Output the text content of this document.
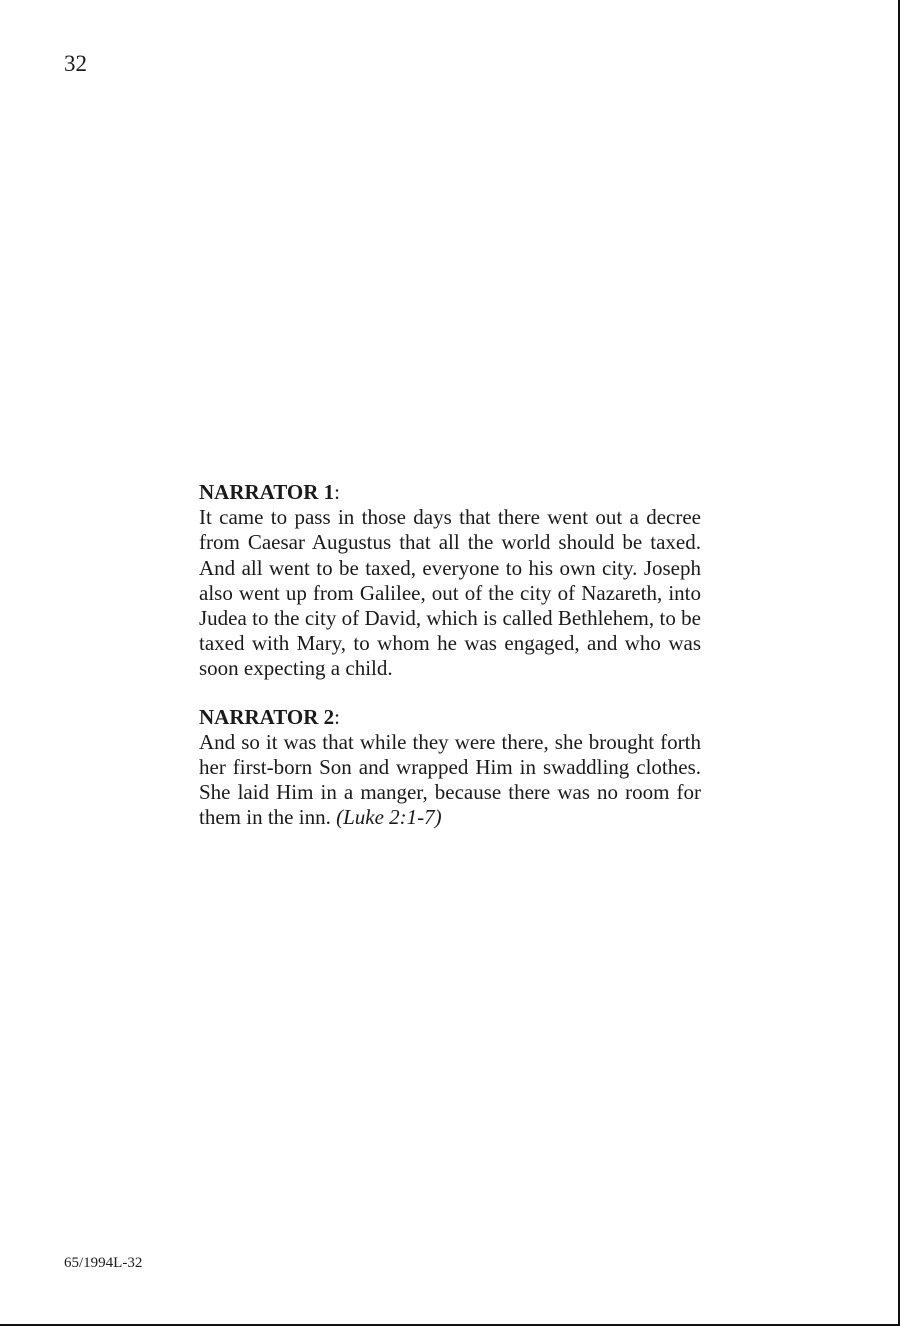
32

NARRATOR 1:

It came to pass in those days that there went out a decree from Caesar Augustus that all the world should be taxed. And all went to be taxed, everyone to his own city. Joseph also went up from Galilee, out of the city of Nazareth, into Judea to the city of David, which is called Bethlehem, to be taxed with Mary, to whom he was engaged, and who was soon expecting a child.

NARRATOR 2:

And so it was that while they were there, she brought forth her first-born Son and wrapped Him in swaddling clothes. She laid Him in a manger, because there was no room for them in the inn. (Luke 2:1-7)

65/1994L-32
